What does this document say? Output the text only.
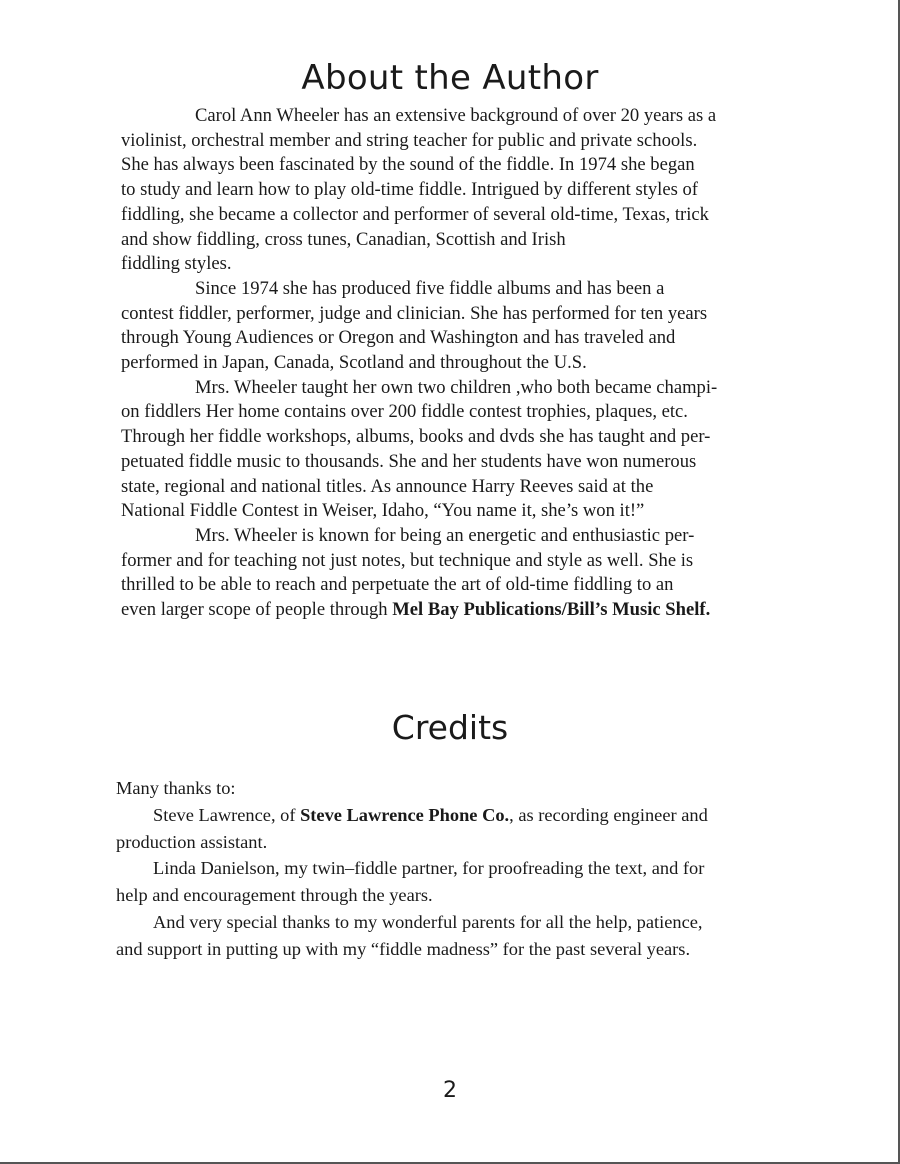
About the Author
Carol Ann Wheeler has an extensive background of over 20 years as a
violinist, orchestral member and string teacher for public and private schools.
She has always been fascinated by the sound of the fiddle. In 1974 she began
to study and learn how to play old-time fiddle. Intrigued by different styles of
fiddling, she became a collector and performer of several old-time, Texas, trick
and show fiddling, cross tunes, Canadian, Scottish and Irish
fiddling styles.
Since 1974 she has produced five fiddle albums and has been a
contest fiddler, performer, judge and clinician. She has performed for ten years
through Young Audiences or Oregon and Washington and has traveled and
performed in Japan, Canada, Scotland and throughout the U.S.
Mrs. Wheeler taught her own two children ,who both became champi-
on fiddlers Her home contains over 200 fiddle contest trophies, plaques, etc.
Through her fiddle workshops, albums, books and dvds she has taught and per-
petuated fiddle music to thousands. She and her students have won numerous
state, regional and national titles. As announce Harry Reeves said at the
National Fiddle Contest in Weiser, Idaho, “You name it, she’s won it!”
Mrs. Wheeler is known for being an energetic and enthusiastic per-
former and for teaching not just notes, but technique and style as well. She is
thrilled to be able to reach and perpetuate the art of old-time fiddling to an
even larger scope of people through Mel Bay Publications/Bill’s Music Shelf.
Credits
Many thanks to:
Steve Lawrence, of Steve Lawrence Phone Co., as recording engineer and
production assistant.
Linda Danielson, my twin–fiddle partner, for proofreading the text, and for
help and encouragement through the years.
And very special thanks to my wonderful parents for all the help, patience,
and support in putting up with my “fiddle madness” for the past several years.
2
